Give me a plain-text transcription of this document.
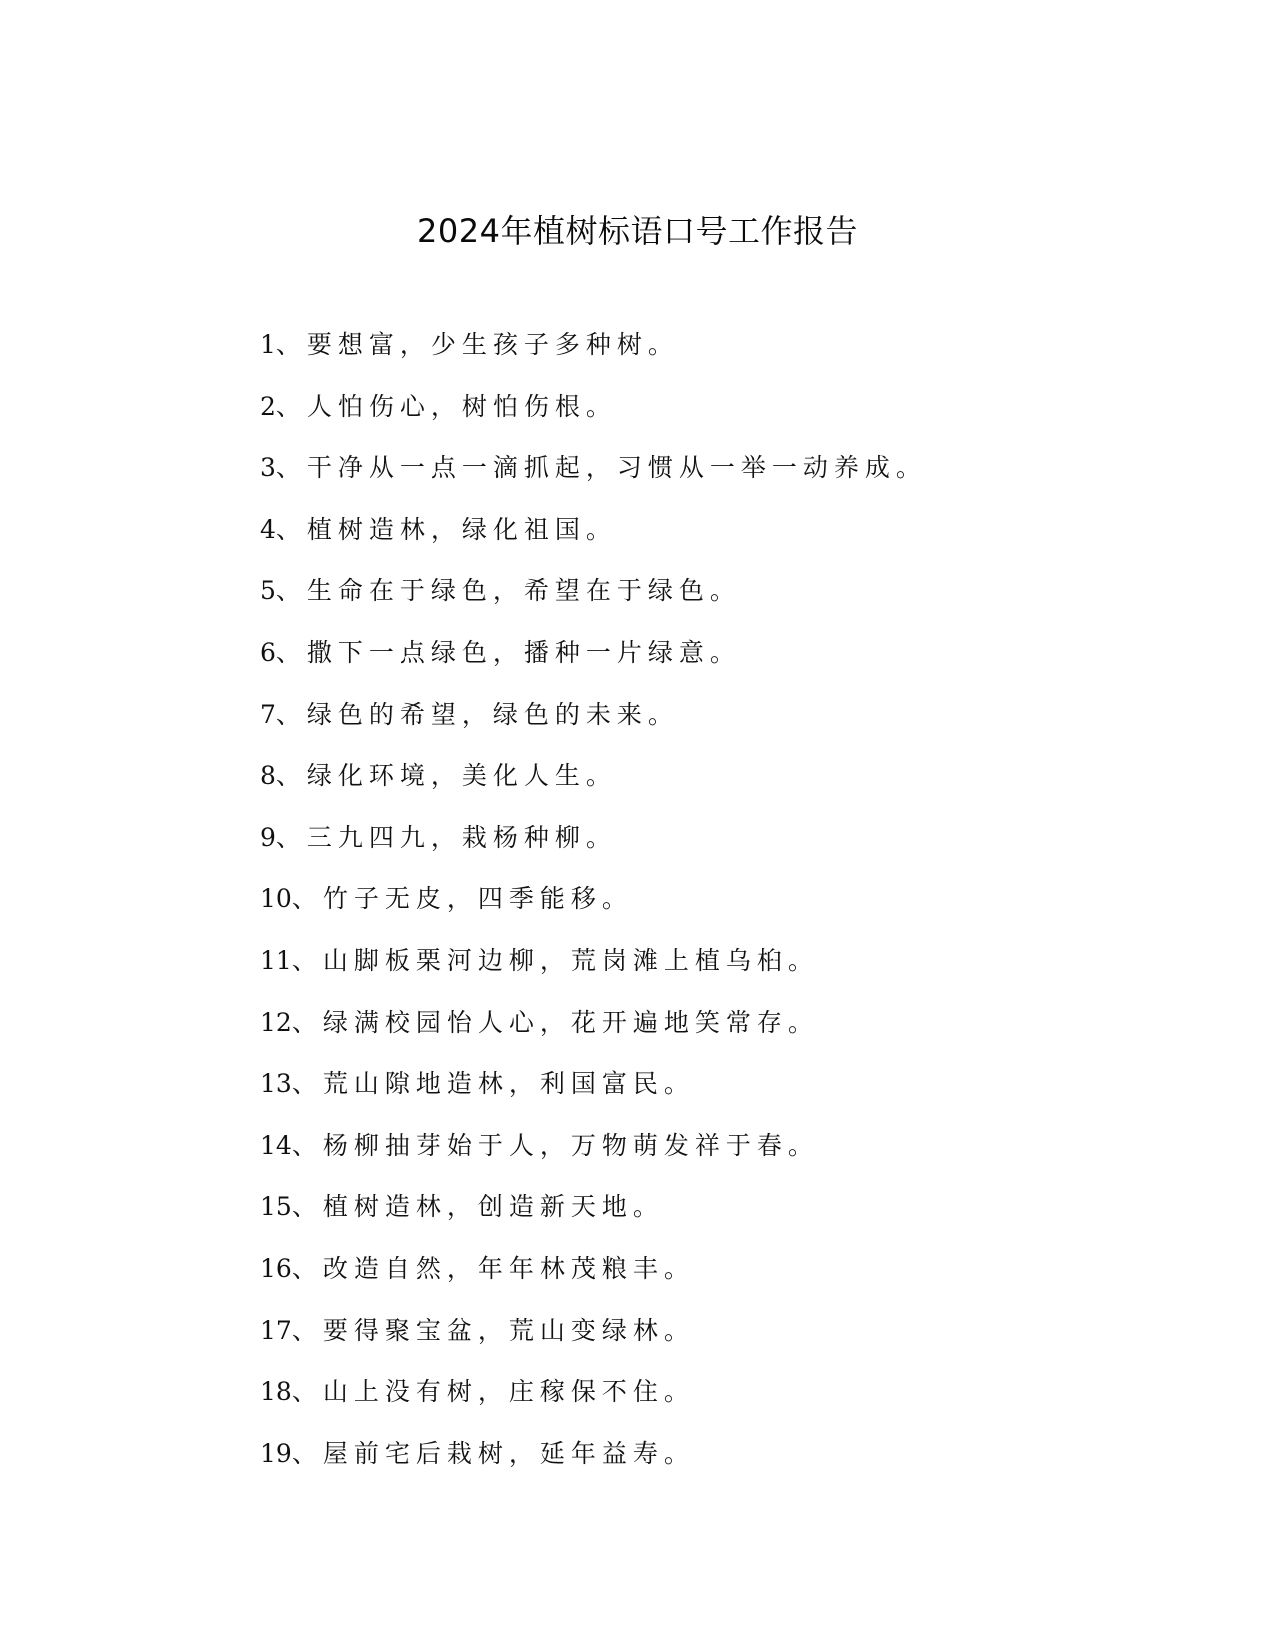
2024年植树标语口号工作报告
1 、 要想富，少生孩子多种树。
2 、 人怕伤心，树怕伤根。
3 、 干净从一点一滴抓起，习惯从一举一动养成。
4 、 植树造林，绿化祖国。
5 、 生命在于绿色，希望在于绿色。
6 、 撒下一点绿色，播种一片绿意。
7 、 绿色的希望，绿色的未来。
8 、 绿化环境，美化人生。
9 、 三九四九，栽杨种柳。
10 、 竹子无皮，四季能移。
11 、 山脚板栗河边柳，荒岗滩上植乌桕。
12 、 绿满校园怡人心，花开遍地笑常存。
13 、 荒山隙地造林，利国富民。
14 、 杨柳抽芽始于人，万物萌发祥于春。
15 、 植树造林，创造新天地。
16 、 改造自然，年年林茂粮丰。
17 、 要得聚宝盆，荒山变绿林。
18 、 山上没有树，庄稼保不住。
19 、 屋前宅后栽树，延年益寿。
